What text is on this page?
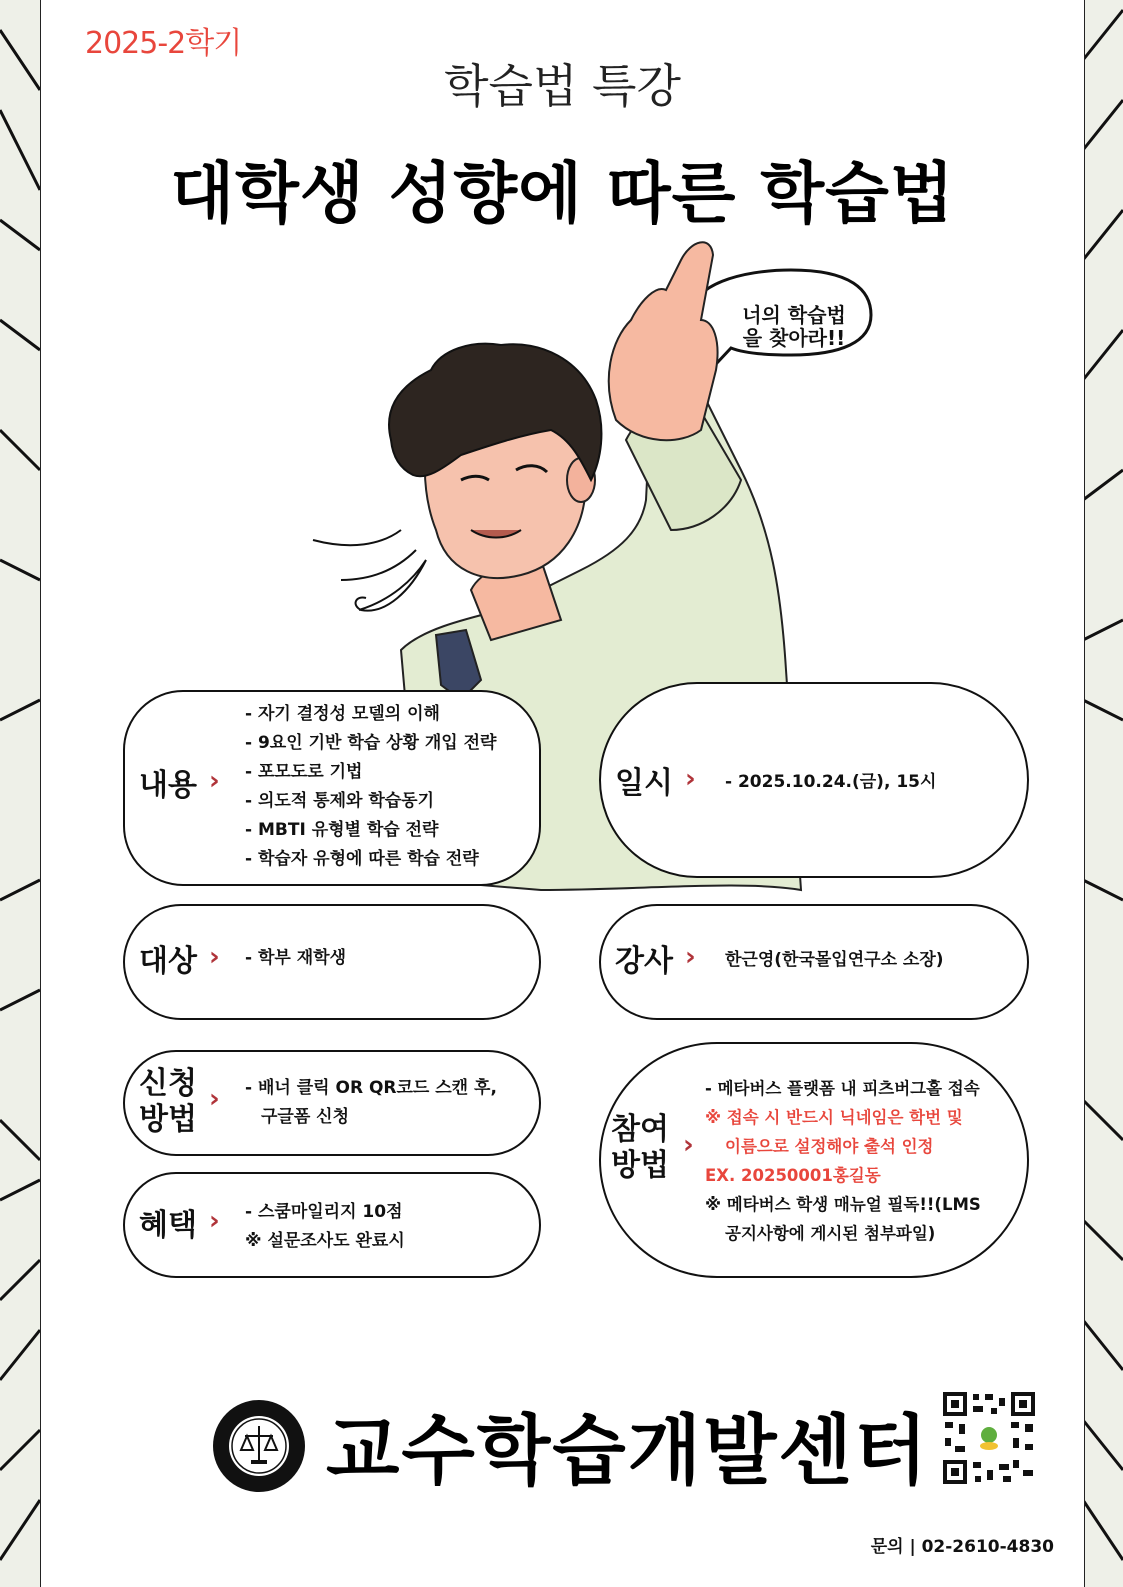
2025-2학기
학습법 특강
대학생 성향에 따른 학습법
너의 학습법
을 찾아라!!
내용 ›
- 자기 결정성 모델의 이해
- 9요인 기반 학습 상황 개입 전략
- 포모도로 기법
- 의도적 통제와 학습동기
- MBTI 유형별 학습 전략
- 학습자 유형에 따른 학습 전략
일시 › - 2025.10.24.(금), 15시
대상 › - 학부 재학생	강사 › 한근영(한국몰입연구소 소장)
신청
방법
› - 배너 클릭 OR QR코드 스캔 후,
구글폼 신청
혜택 › - 스쿰마일리지 10점
※ 설문조사도 완료시
참여
방법
›
- 메타버스 플랫폼 내 피츠버그홀 접속
※ 접속 시 반드시 닉네임은 학번 및
이름으로 설정해야 출석 인정
EX. 20250001홍길동
※ 메타버스 학생 매뉴얼 필독!!(LMS
공지사항에 게시된 첨부파일)
교수학습개발센터
문의 | 02-2610-4830
